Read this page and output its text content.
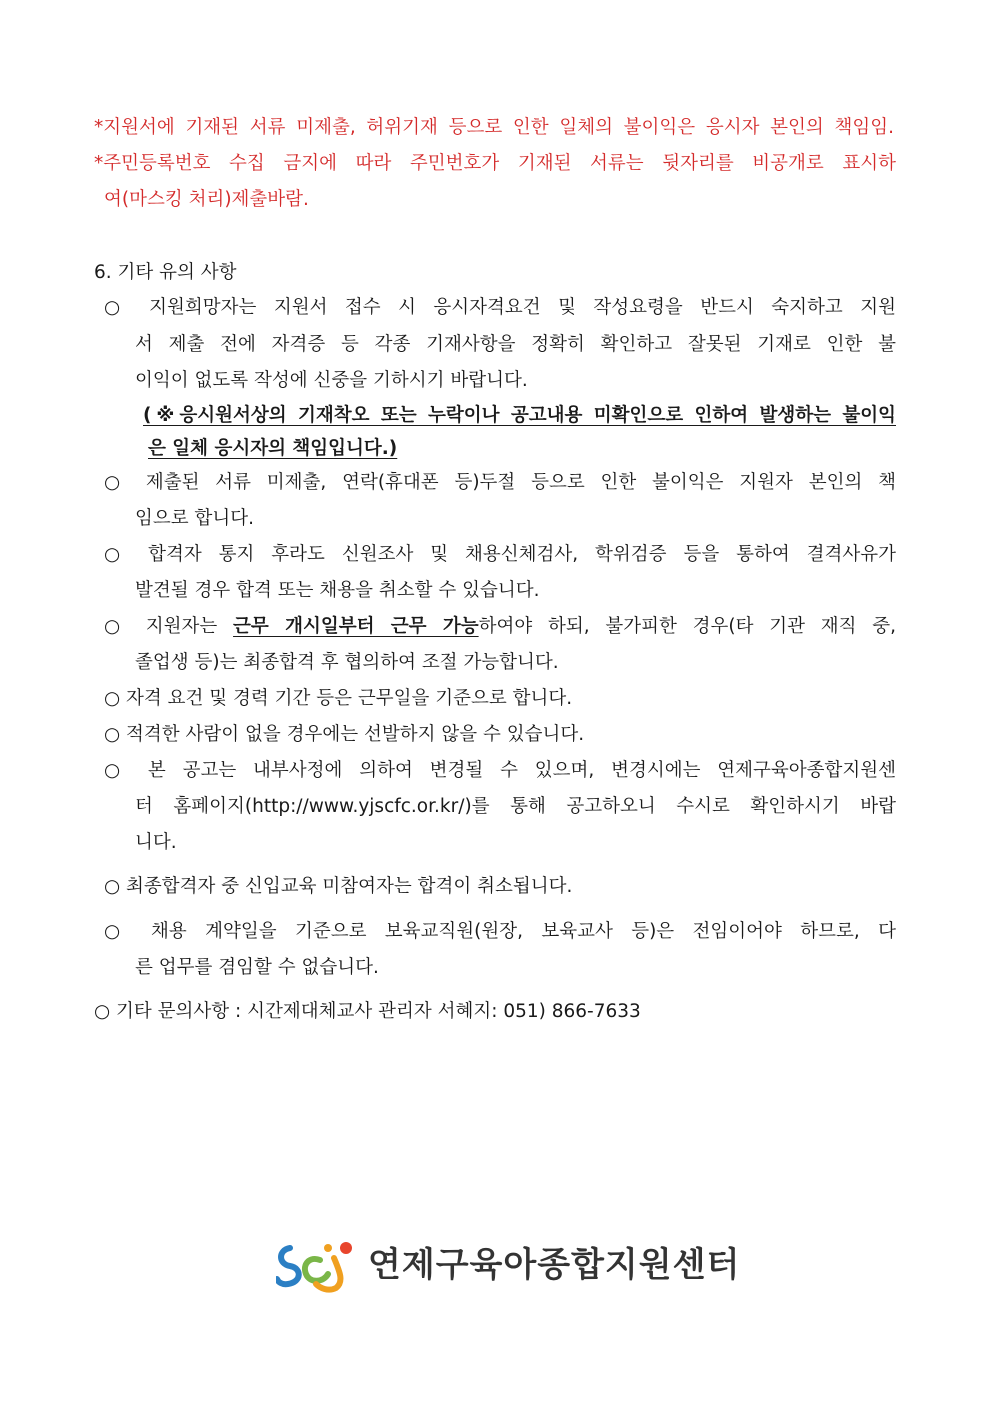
*지원서에 기재된 서류 미제출, 허위기재 등으로 인한 일체의 불이익은 응시자 본인의 책임임.
*주민등록번호 수집 금지에 따라 주민번호가 기재된 서류는 뒷자리를 비공개로 표시하
여(마스킹 처리)제출바람.
6. 기타 유의 사항
○ 지원희망자는 지원서 접수 시 응시자격요건 및 작성요령을 반드시 숙지하고 지원
서 제출 전에 자격증 등 각종 기재사항을 정확히 확인하고 잘못된 기재로 인한 불
이익이 없도록 작성에 신중을 기하시기 바랍니다.
(※응시원서상의 기재착오 또는 누락이나 공고내용 미확인으로 인하여 발생하는 불이익
은 일체 응시자의 책임입니다.)
○ 제출된 서류 미제출, 연락(휴대폰 등)두절 등으로 인한 불이익은 지원자 본인의 책
임으로 합니다.
○ 합격자 통지 후라도 신원조사 및 채용신체검사, 학위검증 등을 통하여 결격사유가
발견될 경우 합격 또는 채용을 취소할 수 있습니다.
○ 지원자는 근무 개시일부터 근무 가능하여야 하되, 불가피한 경우(타 기관 재직 중,
졸업생 등)는 최종합격 후 협의하여 조절 가능합니다.
○ 자격 요건 및 경력 기간 등은 근무일을 기준으로 합니다.
○ 적격한 사람이 없을 경우에는 선발하지 않을 수 있습니다.
○ 본 공고는 내부사정에 의하여 변경될 수 있으며, 변경시에는 연제구육아종합지원센
터 홈페이지(http://www.yjscfc.or.kr/)를 통해 공고하오니 수시로 확인하시기 바랍
니다.
○ 최종합격자 중 신입교육 미참여자는 합격이 취소됩니다.
○ 채용 계약일을 기준으로 보육교직원(원장, 보육교사 등)은 전임이어야 하므로, 다
른 업무를 겸임할 수 없습니다.
○ 기타 문의사항 : 시간제대체교사 관리자 서혜지: 051) 866-7633
연제구육아종합지원센터
